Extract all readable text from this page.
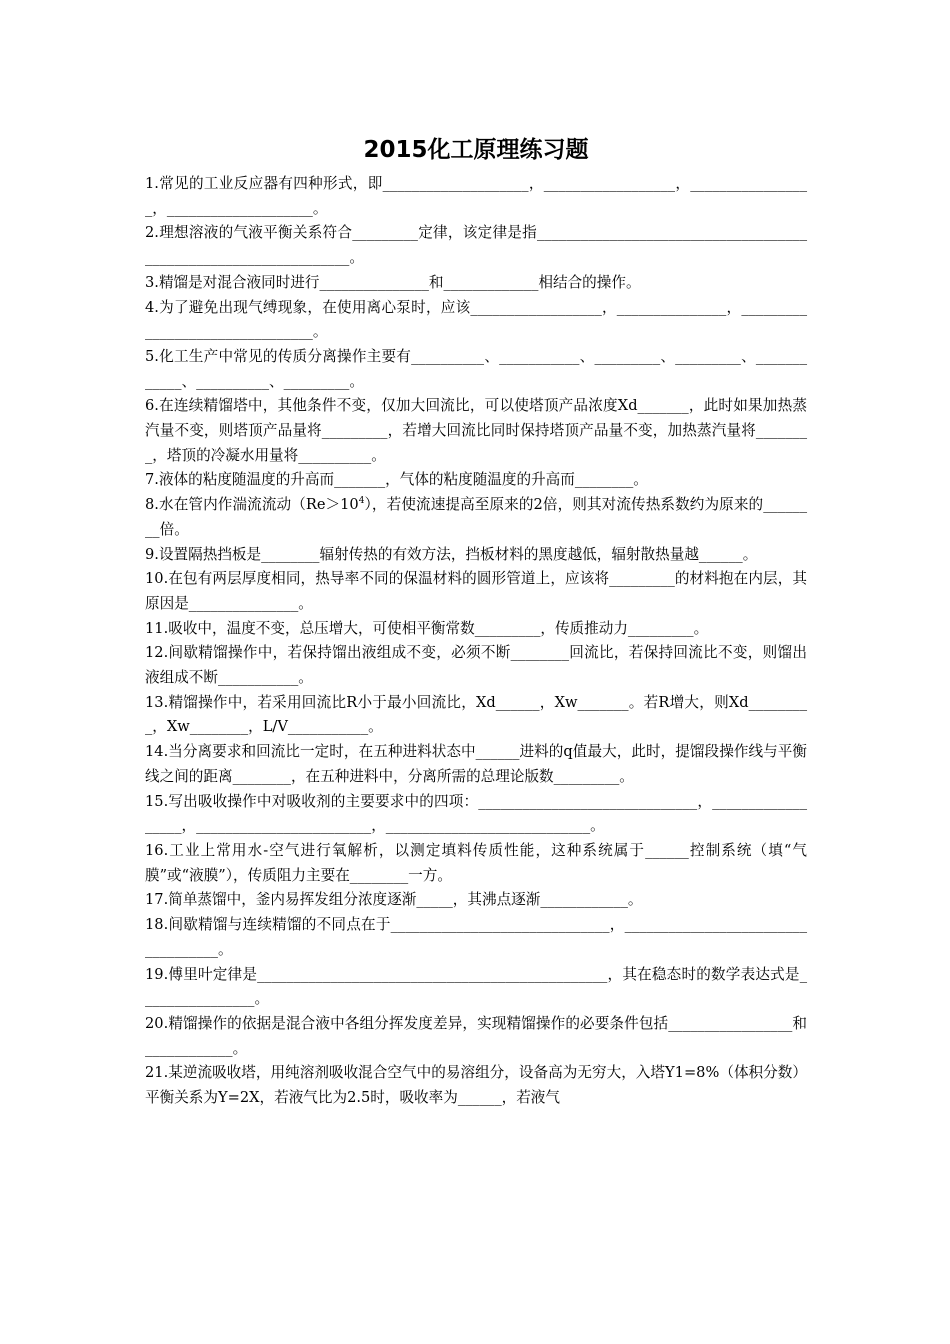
2015化工原理练习题

1.常见的工业反应器有四种形式，即____________________，__________________，_________________，____________________。

2.理想溶液的气液平衡关系符合_________定律，该定律是指_________________________________________________________________。

3.精馏是对混合液同时进行_______________和_____________相结合的操作。

4.为了避免出现气缚现象，在使用离心泵时，应该__________________，_______________，________________________________。

5.化工生产中常见的传质分离操作主要有__________、___________、_________、_________、____________、__________、_________。

6.在连续精馏塔中，其他条件不变，仅加大回流比，可以使塔顶产品浓度Xd_______，此时如果加热蒸汽量不变，则塔顶产品量将_________，若增大回流比同时保持塔顶产品量不变，加热蒸汽量将________，塔顶的冷凝水用量将__________。

7.液体的粘度随温度的升高而_______，气体的粘度随温度的升高而________。

8.水在管内作湍流流动$(Re>10^4)$，若使流速提高至原来的2倍，则其对流传热系数约为原来的________倍。

9.设置隔热挡板是________辐射传热的有效方法，挡板材料的黑度越低，辐射散热量越______。

10.在包有两层厚度相同，热导率不同的保温材料的圆形管道上，应该将_________的材料抱在内层，其原因是_______________。

11.吸收中，温度不变，总压增大，可使相平衡常数_________，传质推动力_________。

12.间歇精馏操作中，若保持馏出液组成不变，必须不断________回流比，若保持回流比不变，则馏出液组成不断___________。

13.精馏操作中，若采用回流比R小于最小回流比，Xd______，Xw_______。若R增大，则Xd_________，Xw________，L/V___________。

14.当分离要求和回流比一定时，在五种进料状态中______进料的q值最大，此时，提馏段操作线与平衡线之间的距离________，在五种进料中，分离所需的总理论版数_________。

15.写出吸收操作中对吸收剂的主要要求中的四项：______________________________，__________________，________________________，____________________________。

16.工业上常用水-空气进行氧解析，以测定填料传质性能，这种系统属于______控制系统（填“气膜”或“液膜”），传质阻力主要在________一方。

17.简单蒸馏中，釜内易挥发组分浓度逐渐_____，其沸点逐渐____________。

18.间歇精馏与连续精馏的不同点在于______________________________，___________________________________。

19.傅里叶定律是________________________________________________，其在稳态时的数学表达式是________________。

20.精馏操作的依据是混合液中各组分挥发度差异，实现精馏操作的必要条件包括_________________和____________。

21.某逆流吸收塔，用纯溶剂吸收混合空气中的易溶组分，设备高为无穷大，入塔Y1=8%（体积分数）平衡关系为Y=2X，若液气比为2.5时，吸收率为______，若液气
